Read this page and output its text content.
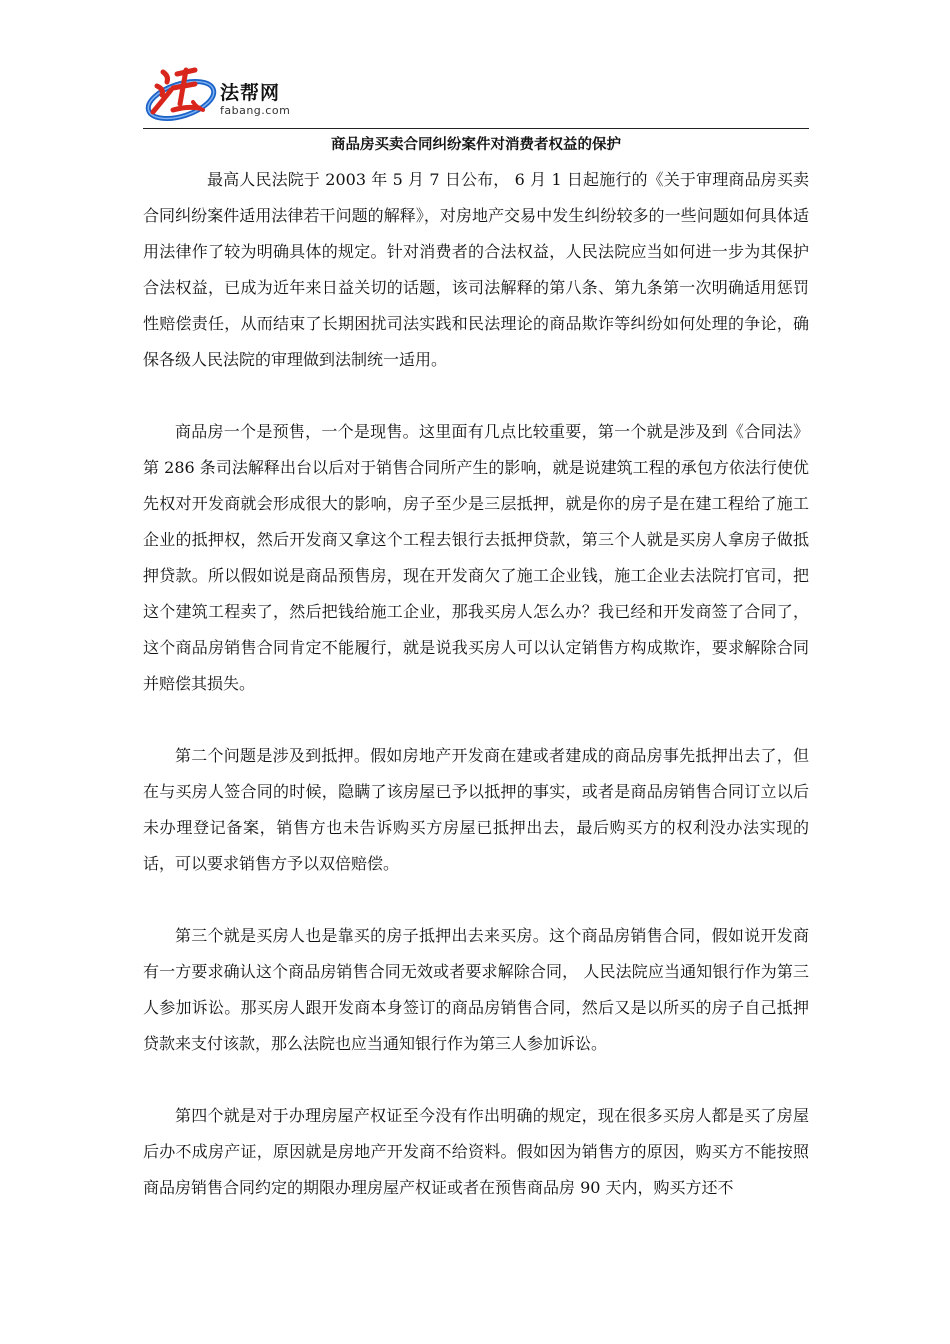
法帮网
fabang.com
商品房买卖合同纠纷案件对消费者权益的保护

最高人民法院于 2003 年 5 月 7 日公布， 6 月 1 日起施行的《关于审理商品房买卖合同纠纷案件适用法律若干问题的解释》，对房地产交易中发生纠纷较多的一些问题如何具体适用法律作了较为明确具体的规定。针对消费者的合法权益，人民法院应当如何进一步为其保护合法权益，已成为近年来日益关切的话题，该司法解释的第八条、第九条第一次明确适用惩罚性赔偿责任，从而结束了长期困扰司法实践和民法理论的商品欺诈等纠纷如何处理的争论，确保各级人民法院的审理做到法制统一适用。

商品房一个是预售，一个是现售。这里面有几点比较重要，第一个就是涉及到《合同法》第 286 条司法解释出台以后对于销售合同所产生的影响，就是说建筑工程的承包方依法行使优先权对开发商就会形成很大的影响，房子至少是三层抵押，就是你的房子是在建工程给了施工企业的抵押权，然后开发商又拿这个工程去银行去抵押贷款，第三个人就是买房人拿房子做抵押贷款。所以假如说是商品预售房，现在开发商欠了施工企业钱，施工企业去法院打官司，把这个建筑工程卖了，然后把钱给施工企业，那我买房人怎么办？我已经和开发商签了合同了，这个商品房销售合同肯定不能履行，就是说我买房人可以认定销售方构成欺诈，要求解除合同并赔偿其损失。

第二个问题是涉及到抵押。假如房地产开发商在建或者建成的商品房事先抵押出去了，但在与买房人签合同的时候，隐瞒了该房屋已予以抵押的事实，或者是商品房销售合同订立以后未办理登记备案，销售方也未告诉购买方房屋已抵押出去，最后购买方的权利没办法实现的话，可以要求销售方予以双倍赔偿。

第三个就是买房人也是靠买的房子抵押出去来买房。这个商品房销售合同，假如说开发商有一方要求确认这个商品房销售合同无效或者要求解除合同， 人民法院应当通知银行作为第三人参加诉讼。那买房人跟开发商本身签订的商品房销售合同，然后又是以所买的房子自己抵押贷款来支付该款，那么法院也应当通知银行作为第三人参加诉讼。

第四个就是对于办理房屋产权证至今没有作出明确的规定，现在很多买房人都是买了房屋后办不成房产证，原因就是房地产开发商不给资料。假如因为销售方的原因，购买方不能按照商品房销售合同约定的期限办理房屋产权证或者在预售商品房 90 天内，购买方还不
